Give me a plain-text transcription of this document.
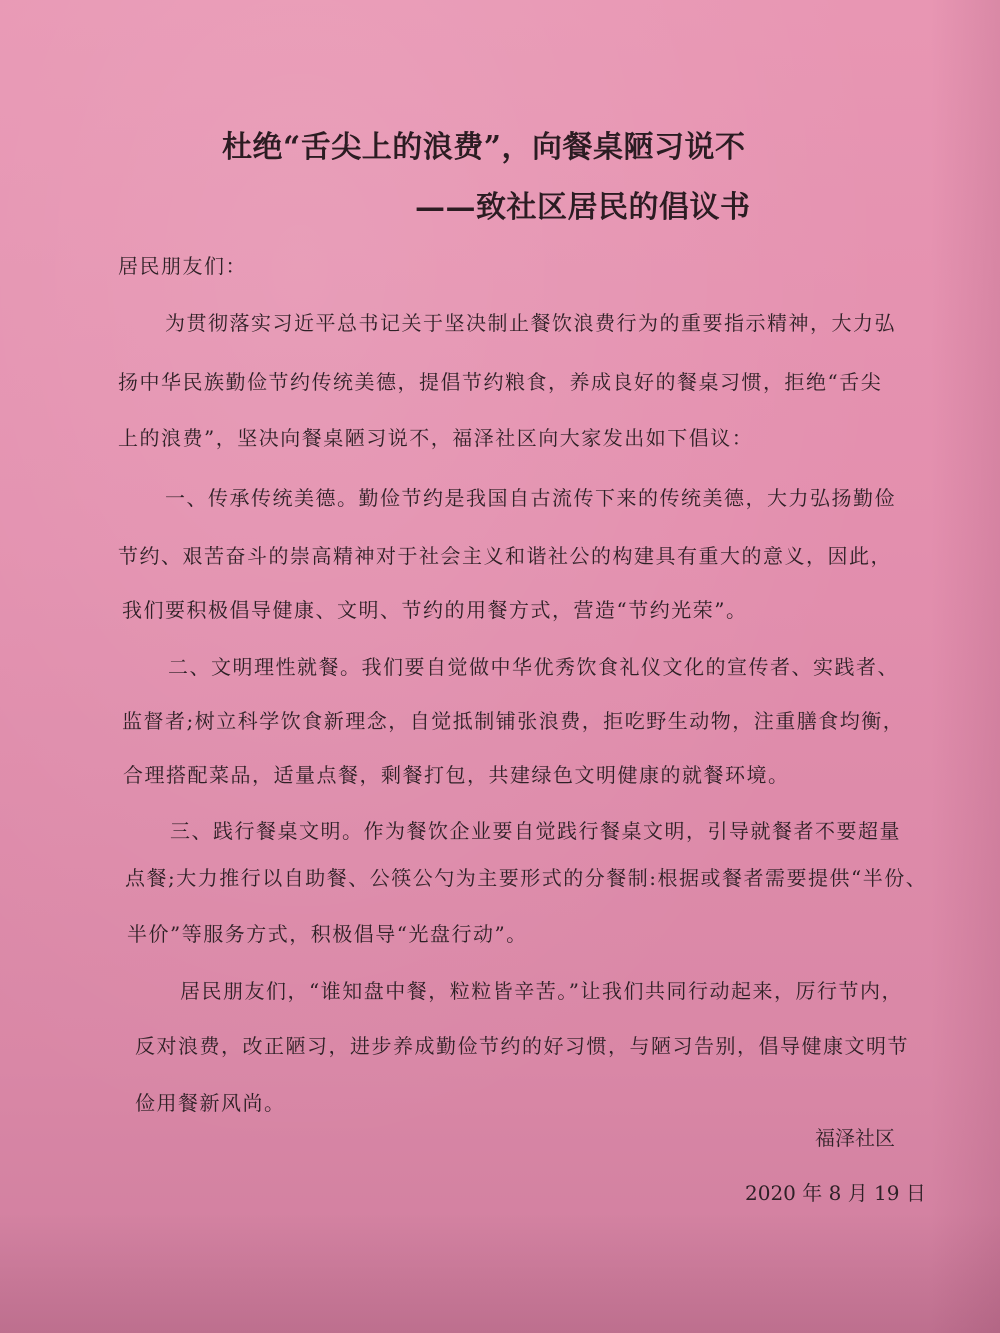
杜绝“舌尖上的浪费”，向餐桌陋习说不
——致社区居民的倡议书
居民朋友们：
为贯彻落实习近平总书记关于坚决制止餐饮浪费行为的重要指示精神，大力弘
扬中华民族勤俭节约传统美德，提倡节约粮食，养成良好的餐桌习惯，拒绝“舌尖
上的浪费”，坚决向餐桌陋习说不，福泽社区向大家发出如下倡议：
一、传承传统美德。勤俭节约是我国自古流传下来的传统美德，大力弘扬勤俭
节约、艰苦奋斗的崇高精神对于社会主义和谐社公的构建具有重大的意义，因此，
我们要积极倡导健康、文明、节约的用餐方式，营造“节约光荣”。
二、文明理性就餐。我们要自觉做中华优秀饮食礼仪文化的宣传者、实践者、
监督者;树立科学饮食新理念，自觉抵制铺张浪费，拒吃野生动物，注重膳食均衡，
合理搭配菜品，适量点餐，剩餐打包，共建绿色文明健康的就餐环境。
三、践行餐桌文明。作为餐饮企业要自觉践行餐桌文明，引导就餐者不要超量
点餐;大力推行以自助餐、公筷公勺为主要形式的分餐制:根据或餐者需要提供“半份、
半价”等服务方式，积极倡导“光盘行动”。
居民朋友们，“谁知盘中餐，粒粒皆辛苦。”让我们共同行动起来，厉行节内，
反对浪费，改正陋习，进步养成勤俭节约的好习惯，与陋习告别，倡导健康文明节
俭用餐新风尚。
福泽社区
2020 年 8 月 19 日
